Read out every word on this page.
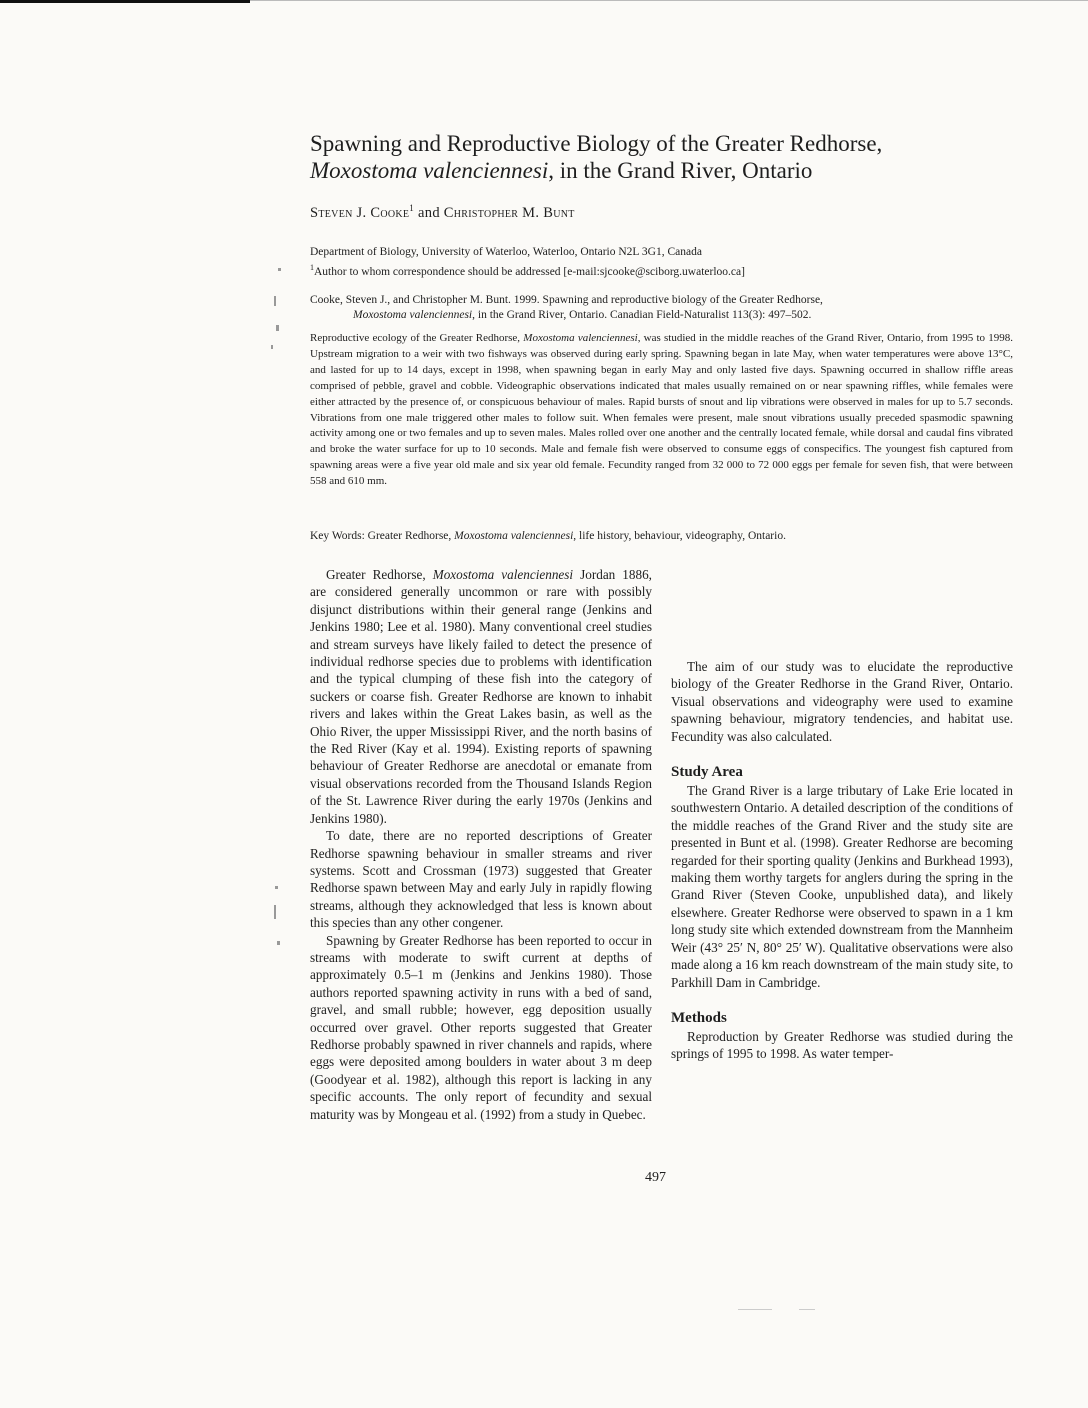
Spawning and Reproductive Biology of the Greater Redhorse,
Moxostoma valenciennesi, in the Grand River, Ontario
Steven J. Cooke$^1$ and Christopher M. Bunt
Department of Biology, University of Waterloo, Waterloo, Ontario N2L 3G1, Canada
$^1$Author to whom correspondence should be addressed [e-mail:sjcooke@sciborg.uwaterloo.ca]
Cooke, Steven J., and Christopher M. Bunt. 1999. Spawning and reproductive biology of the Greater Redhorse,
Moxostoma valenciennesi, in the Grand River, Ontario. Canadian Field-Naturalist 113(3): 497–502.

Reproductive ecology of the Greater Redhorse, Moxostoma valenciennesi, was studied in the middle reaches of the Grand River, Ontario, from 1995 to 1998. Upstream migration to a weir with two fishways was observed during early spring. Spawning began in late May, when water temperatures were above 13°C, and lasted for up to 14 days, except in 1998, when spawning began in early May and only lasted five days. Spawning occurred in shallow riffle areas comprised of pebble, gravel and cobble. Videographic observations indicated that males usually remained on or near spawning riffles, while females were either attracted by the presence of, or conspicuous behaviour of males. Rapid bursts of snout and lip vibrations were observed in males for up to 5.7 seconds. Vibrations from one male triggered other males to follow suit. When females were present, male snout vibrations usually preceded spasmodic spawning activity among one or two females and up to seven males. Males rolled over one another and the centrally located female, while dorsal and caudal fins vibrated and broke the water surface for up to 10 seconds. Male and female fish were observed to consume eggs of conspecifics. The youngest fish captured from spawning areas were a five year old male and six year old female. Fecundity ranged from 32 000 to 72 000 eggs per female for seven fish, that were between 558 and 610 mm.

Key Words: Greater Redhorse, Moxostoma valenciennesi, life history, behaviour, videography, Ontario.

Greater Redhorse, Moxostoma valenciennesi Jordan 1886, are considered generally uncommon or rare with possibly disjunct distributions within their general range (Jenkins and Jenkins 1980; Lee et al. 1980). Many conventional creel studies and stream surveys have likely failed to detect the presence of individual redhorse species due to problems with identification and the typical clumping of these fish into the category of suckers or coarse fish. Greater Redhorse are known to inhabit rivers and lakes within the Great Lakes basin, as well as the Ohio River, the upper Mississippi River, and the north basins of the Red River (Kay et al. 1994). Existing reports of spawning behaviour of Greater Redhorse are anecdotal or emanate from visual observations recorded from the Thousand Islands Region of the St. Lawrence River during the early 1970s (Jenkins and Jenkins 1980).

To date, there are no reported descriptions of Greater Redhorse spawning behaviour in smaller streams and river systems. Scott and Crossman (1973) suggested that Greater Redhorse spawn between May and early July in rapidly flowing streams, although they acknowledged that less is known about this species than any other congener.

Spawning by Greater Redhorse has been reported to occur in streams with moderate to swift current at depths of approximately 0.5–1 m (Jenkins and Jenkins 1980). Those authors reported spawning activity in runs with a bed of sand, gravel, and small rubble; however, egg deposition usually occurred over gravel. Other reports suggested that Greater Redhorse probably spawned in river channels and rapids, where eggs were deposited among boulders in water about 3 m deep (Goodyear et al. 1982), although this report is lacking in any specific accounts. The only report of fecundity and sexual maturity was by Mongeau et al. (1992) from a study in Quebec.

The aim of our study was to elucidate the reproductive biology of the Greater Redhorse in the Grand River, Ontario. Visual observations and videography were used to examine spawning behaviour, migratory tendencies, and habitat use. Fecundity was also calculated.

Study Area

The Grand River is a large tributary of Lake Erie located in southwestern Ontario. A detailed description of the conditions of the middle reaches of the Grand River and the study site are presented in Bunt et al. (1998). Greater Redhorse are becoming regarded for their sporting quality (Jenkins and Burkhead 1993), making them worthy targets for anglers during the spring in the Grand River (Steven Cooke, unpublished data), and likely elsewhere. Greater Redhorse were observed to spawn in a 1 km long study site which extended downstream from the Mannheim Weir (43° 25′ N, 80° 25′ W). Qualitative observations were also made along a 16 km reach downstream of the main study site, to Parkhill Dam in Cambridge.

Methods

Reproduction by Greater Redhorse was studied during the springs of 1995 to 1998. As water temper-

497
